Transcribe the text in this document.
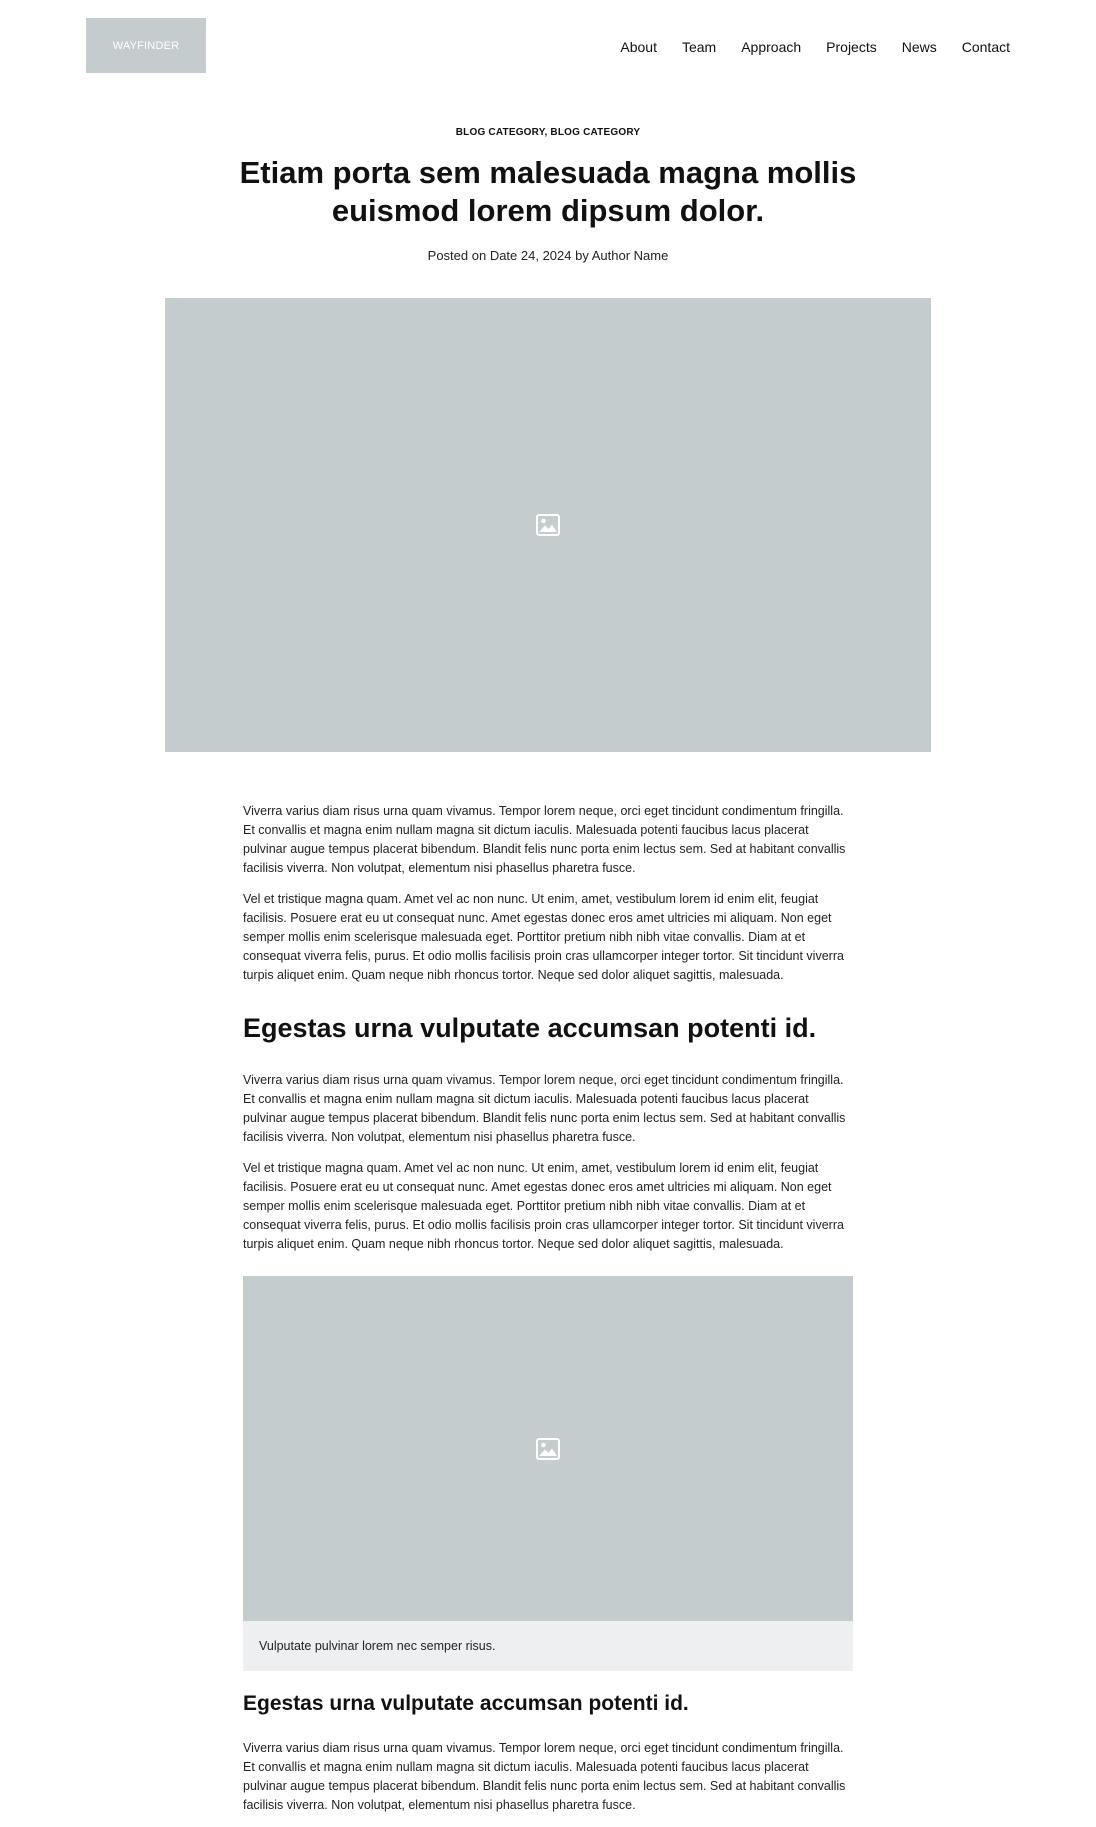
WAYFINDER	About Team Approach Projects News Contact
BLOG CATEGORY, BLOG CATEGORY
Etiam porta sem malesuada magna mollis euismod lorem dipsum dolor.
Posted on Date 24, 2024 by Author Name

Viverra varius diam risus urna quam vivamus. Tempor lorem neque, orci eget tincidunt condimentum fringilla. Et convallis et magna enim nullam magna sit dictum iaculis. Malesuada potenti faucibus lacus placerat pulvinar augue tempus placerat bibendum. Blandit felis nunc porta enim lectus sem. Sed at habitant convallis facilisis viverra. Non volutpat, elementum nisi phasellus pharetra fusce.

Vel et tristique magna quam. Amet vel ac non nunc. Ut enim, amet, vestibulum lorem id enim elit, feugiat facilisis. Posuere erat eu ut consequat nunc. Amet egestas donec eros amet ultricies mi aliquam. Non eget semper mollis enim scelerisque malesuada eget. Porttitor pretium nibh nibh vitae convallis. Diam at et consequat viverra felis, purus. Et odio mollis facilisis proin cras ullamcorper integer tortor. Sit tincidunt viverra turpis aliquet enim. Quam neque nibh rhoncus tortor. Neque sed dolor aliquet sagittis, malesuada.

Egestas urna vulputate accumsan potenti id.

Viverra varius diam risus urna quam vivamus. Tempor lorem neque, orci eget tincidunt condimentum fringilla. Et convallis et magna enim nullam magna sit dictum iaculis. Malesuada potenti faucibus lacus placerat pulvinar augue tempus placerat bibendum. Blandit felis nunc porta enim lectus sem. Sed at habitant convallis facilisis viverra. Non volutpat, elementum nisi phasellus pharetra fusce.

Vel et tristique magna quam. Amet vel ac non nunc. Ut enim, amet, vestibulum lorem id enim elit, feugiat facilisis. Posuere erat eu ut consequat nunc. Amet egestas donec eros amet ultricies mi aliquam. Non eget semper mollis enim scelerisque malesuada eget. Porttitor pretium nibh nibh vitae convallis. Diam at et consequat viverra felis, purus. Et odio mollis facilisis proin cras ullamcorper integer tortor. Sit tincidunt viverra turpis aliquet enim. Quam neque nibh rhoncus tortor. Neque sed dolor aliquet sagittis, malesuada.

Vulputate pulvinar lorem nec semper risus.
Egestas urna vulputate accumsan potenti id.

Viverra varius diam risus urna quam vivamus. Tempor lorem neque, orci eget tincidunt condimentum fringilla. Et convallis et magna enim nullam magna sit dictum iaculis. Malesuada potenti faucibus lacus placerat pulvinar augue tempus placerat bibendum. Blandit felis nunc porta enim lectus sem. Sed at habitant convallis facilisis viverra. Non volutpat, elementum nisi phasellus pharetra fusce.
